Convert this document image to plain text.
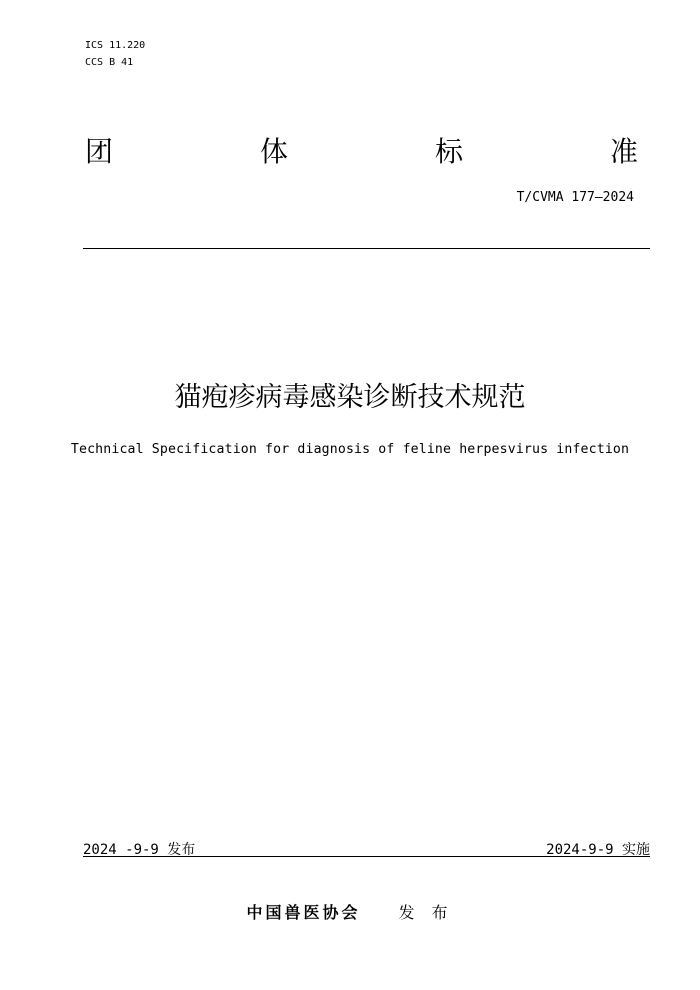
ICS 11.220
CCS B 41
团	体	标	准
T/CVMA 177—2024
猫疱疹病毒感染诊断技术规范
Technical Specification for diagnosis of feline herpesvirus infection
2024 -9-9 发布	2024-9-9 实施
中国兽医协会 发 布
